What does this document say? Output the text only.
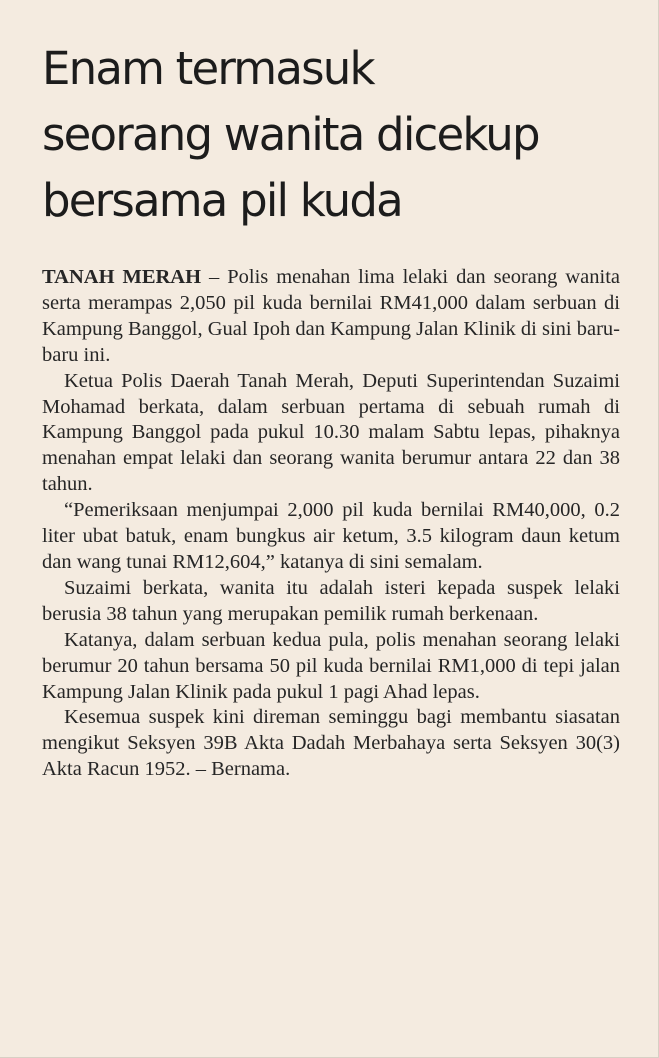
Enam termasuk
seorang wanita dicekup
bersama pil kuda

TANAH MERAH – Polis menahan lima lelaki dan seorang wanita serta merampas 2,050 pil kuda bernilai RM41,000 dalam serbuan di Kampung Banggol, Gual Ipoh dan Kampung Jalan Klinik di sini baru-baru ini.

Ketua Polis Daerah Tanah Merah, Deputi Superintendan Suzaimi Mohamad berkata, dalam serbuan pertama di sebuah rumah di Kampung Banggol pada pukul 10.30 malam Sabtu lepas, pihaknya menahan empat lelaki dan seorang wanita berumur antara 22 dan 38 tahun.

“Pemeriksaan menjumpai 2,000 pil kuda bernilai RM40,000, 0.2 liter ubat batuk, enam bungkus air ketum, 3.5 kilogram daun ketum dan wang tunai RM12,604,” katanya di sini semalam.

Suzaimi berkata, wanita itu adalah isteri kepada suspek lelaki berusia 38 tahun yang merupakan pemilik rumah berkenaan.

Katanya, dalam serbuan kedua pula, polis menahan seorang lelaki berumur 20 tahun bersama 50 pil kuda bernilai RM1,000 di tepi jalan Kampung Jalan Klinik pada pukul 1 pagi Ahad lepas.

Kesemua suspek kini direman seminggu bagi membantu siasatan mengikut Seksyen 39B Akta Dadah Merbahaya serta Seksyen 30(3) Akta Racun 1952. – Bernama.
